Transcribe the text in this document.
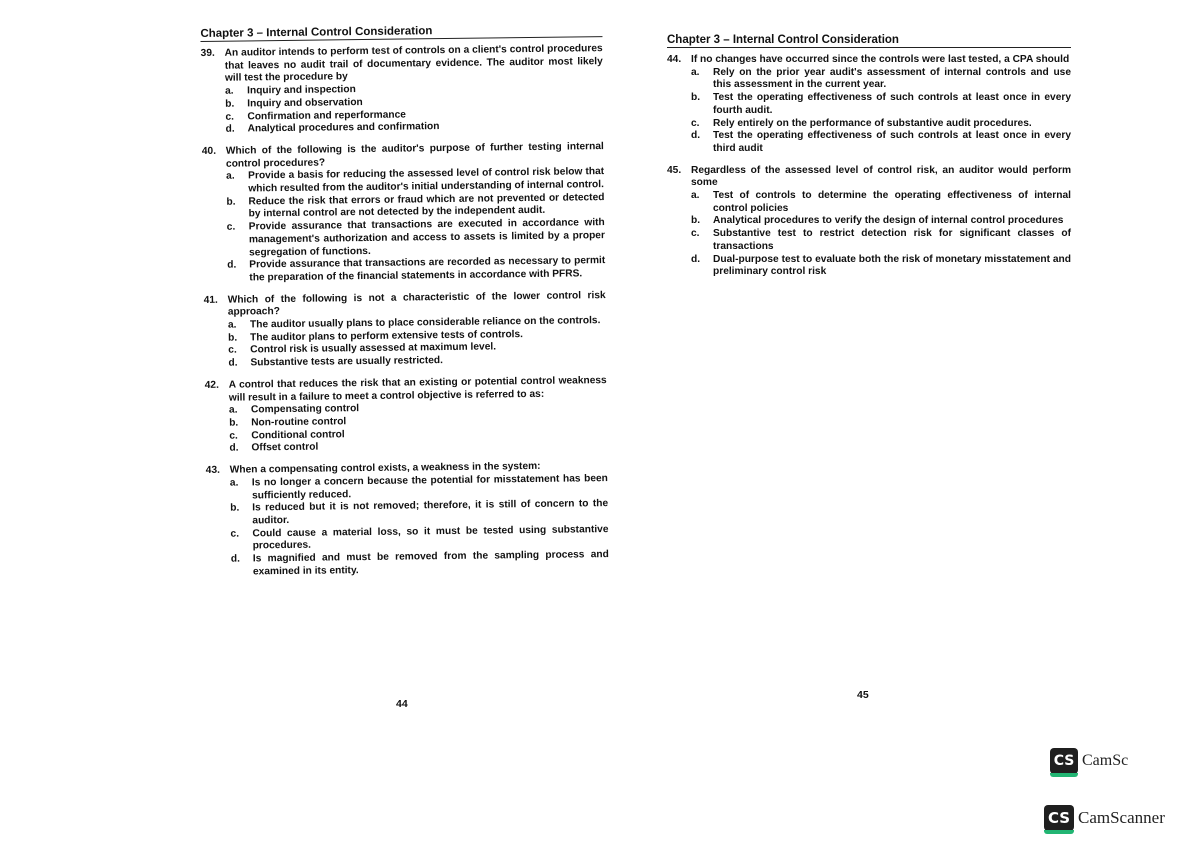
Chapter 3 – Internal Control Consideration
39. An auditor intends to perform test of controls on a client's control procedures that leaves no audit trail of documentary evidence. The auditor most likely will test the procedure by
a.	Inquiry and inspection
b.	Inquiry and observation
c.	Confirmation and reperformance
d.	Analytical procedures and confirmation
40. Which of the following is the auditor's purpose of further testing internal control procedures?
a.	Provide a basis for reducing the assessed level of control risk below that which resulted from the auditor's initial understanding of internal control.
b.	Reduce the risk that errors or fraud which are not prevented or detected by internal control are not detected by the independent audit.
c.	Provide assurance that transactions are executed in accordance with management's authorization and access to assets is limited by a proper segregation of functions.
d.	Provide assurance that transactions are recorded as necessary to permit the preparation of the financial statements in accordance with PFRS.
41. Which of the following is not a characteristic of the lower control risk approach?
a.	The auditor usually plans to place considerable reliance on the controls.
b.	The auditor plans to perform extensive tests of controls.
c.	Control risk is usually assessed at maximum level.
d.	Substantive tests are usually restricted.
42. A control that reduces the risk that an existing or potential control weakness will result in a failure to meet a control objective is referred to as:
a.	Compensating control
b.	Non-routine control
c.	Conditional control
d.	Offset control
43. When a compensating control exists, a weakness in the system:
a.	Is no longer a concern because the potential for misstatement has been sufficiently reduced.
b.	Is reduced but it is not removed; therefore, it is still of concern to the auditor.
c.	Could cause a material loss, so it must be tested using substantive procedures.
d.	Is magnified and must be removed from the sampling process and examined in its entity.
44
Chapter 3 – Internal Control Consideration
44. If no changes have occurred since the controls were last tested, a CPA should
a.	Rely on the prior year audit's assessment of internal controls and use this assessment in the current year.
b.	Test the operating effectiveness of such controls at least once in every fourth audit.
c.	Rely entirely on the performance of substantive audit procedures.
d.	Test the operating effectiveness of such controls at least once in every third audit
45. Regardless of the assessed level of control risk, an auditor would perform some
a.	Test of controls to determine the operating effectiveness of internal control policies
b.	Analytical procedures to verify the design of internal control procedures
c.	Substantive test to restrict detection risk for significant classes of transactions
d.	Dual-purpose test to evaluate both the risk of monetary misstatement and preliminary control risk
45
CS CamSc
CS CamScanner
